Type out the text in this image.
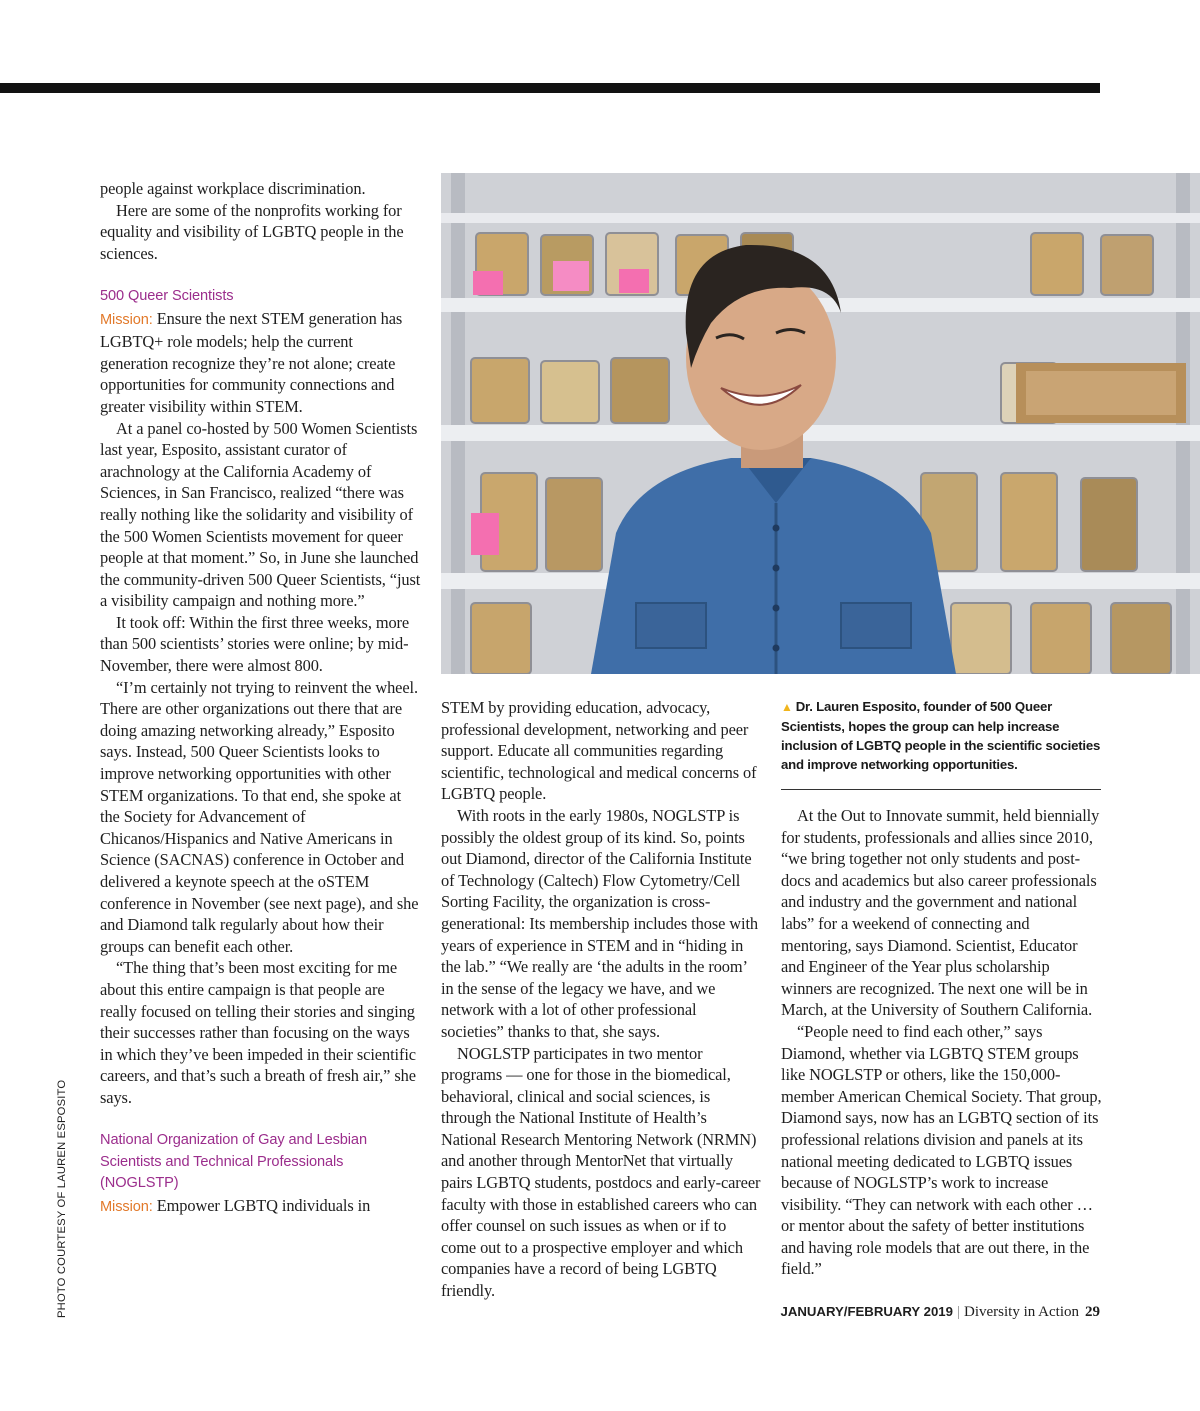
people against workplace discrimination.

Here are some of the nonprofits working for equality and visibility of LGBTQ people in the sciences.

500 Queer Scientists

Mission: Ensure the next STEM generation has LGBTQ+ role models; help the current generation recognize they’re not alone; create opportunities for community connections and greater visibility within STEM.

At a panel co-hosted by 500 Women Scientists last year, Esposito, assistant curator of arachnology at the California Academy of Sciences, in San Francisco, realized “there was really nothing like the solidarity and visibility of the 500 Women Scientists movement for queer people at that moment.” So, in June she launched the community-driven 500 Queer Scientists, “just a visibility campaign and nothing more.”

It took off: Within the first three weeks, more than 500 scientists’ stories were online; by mid-November, there were almost 800.

“I’m certainly not trying to reinvent the wheel. There are other organizations out there that are doing amazing networking already,” Esposito says. Instead, 500 Queer Scientists looks to improve networking opportunities with other STEM organizations. To that end, she spoke at the Society for Advancement of Chicanos/Hispanics and Native Americans in Science (SACNAS) conference in October and delivered a keynote speech at the oSTEM conference in November (see next page), and she and Diamond talk regularly about how their groups can benefit each other.

“The thing that’s been most exciting for me about this entire campaign is that people are really focused on telling their stories and singing their successes rather than focusing on the ways in which they’ve been impeded in their scientific careers, and that’s such a breath of fresh air,” she says.

National Organization of Gay and Lesbian Scientists and Technical Professionals (NOGLSTP)

Mission: Empower LGBTQ individuals in

▲ Dr. Lauren Esposito, founder of 500 Queer Scientists, hopes the group can help increase inclusion of LGBTQ people in the scientific societies and improve networking opportunities.

STEM by providing education, advocacy, professional development, networking and peer support. Educate all communities regarding scientific, technological and medical concerns of LGBTQ people.

With roots in the early 1980s, NOGLSTP is possibly the oldest group of its kind. So, points out Diamond, director of the California Institute of Technology (Caltech) Flow Cytometry/Cell Sorting Facility, the organization is cross-generational: Its membership includes those with years of experience in STEM and in “hiding in the lab.” “We really are ‘the adults in the room’ in the sense of the legacy we have, and we network with a lot of other professional societies” thanks to that, she says.

NOGLSTP participates in two mentor programs — one for those in the biomedical, behavioral, clinical and social sciences, is through the National Institute of Health’s National Research Mentoring Network (NRMN) and another through MentorNet that virtually pairs LGBTQ students, postdocs and early-career faculty with those in established careers who can offer counsel on such issues as when or if to come out to a prospective employer and which companies have a record of being LGBTQ friendly.

At the Out to Innovate summit, held biennially for students, professionals and allies since 2010, “we bring together not only students and post-docs and academics but also career professionals and industry and the government and national labs” for a weekend of connecting and mentoring, says Diamond. Scientist, Educator and Engineer of the Year plus scholarship winners are recognized. The next one will be in March, at the University of Southern California.

“People need to find each other,” says Diamond, whether via LGBTQ STEM groups like NOGLSTP or others, like the 150,000-member American Chemical Society. That group, Diamond says, now has an LGBTQ section of its professional relations division and panels at its national meeting dedicated to LGBTQ issues because of NOGLSTP’s work to increase visibility. “They can network with each other … or mentor about the safety of better institutions and having role models that are out there, in the field.”

PHOTO COURTESY OF LAUREN ESPOSITO	JANUARY/FEBRUARY 2019 | Diversity in Action 29
